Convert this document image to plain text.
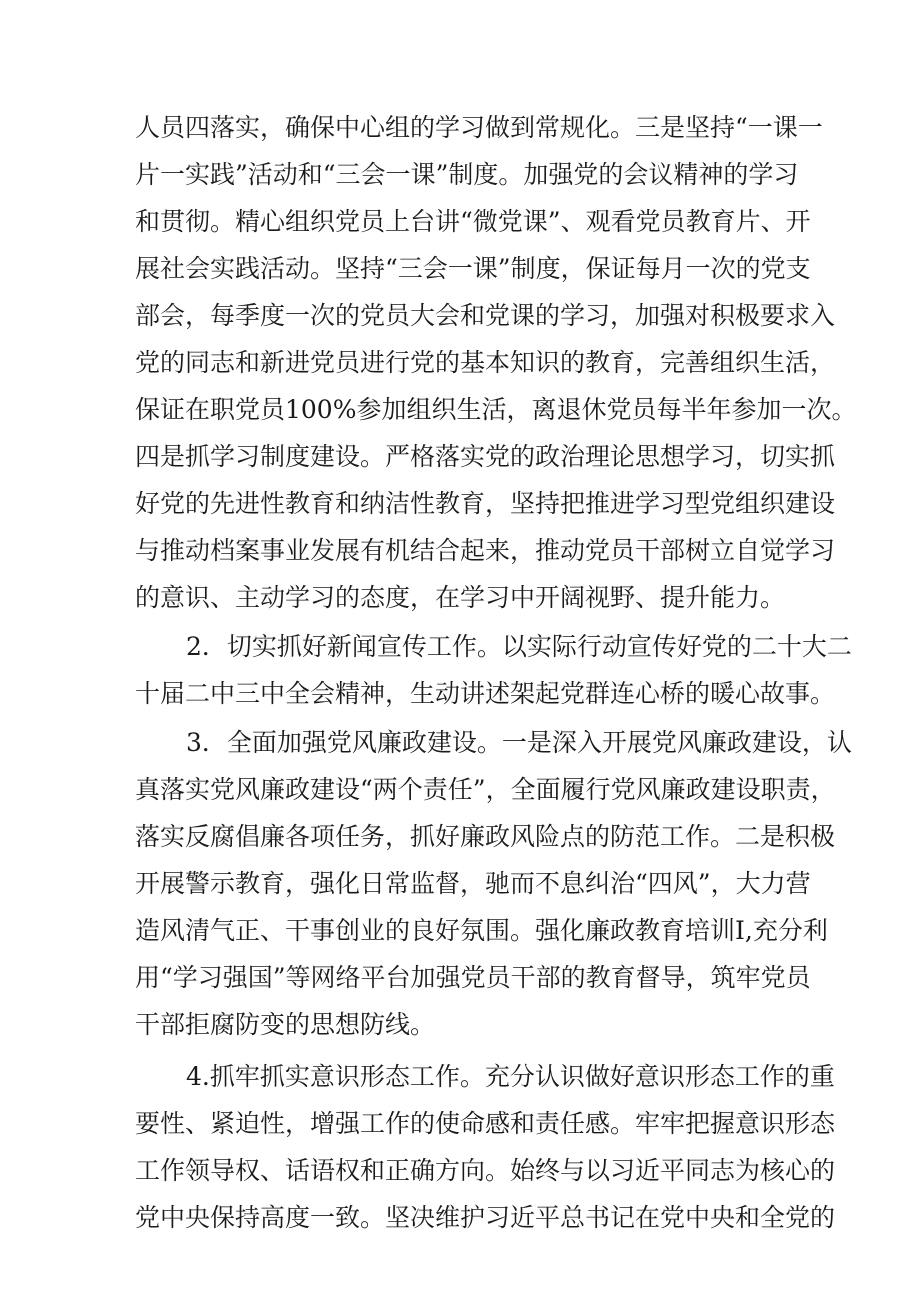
人员四落实，确保中心组的学习做到常规化。三是坚持“一课一
片一实践”活动和“三会一课”制度。加强党的会议精神的学习
和贯彻。精心组织党员上台讲“微党课”、观看党员教育片、开
展社会实践活动。坚持“三会一课”制度，保证每月一次的党支
部会，每季度一次的党员大会和党课的学习，加强对积极要求入
党的同志和新进党员进行党的基本知识的教育，完善组织生活，
保证在职党员100%参加组织生活，离退休党员每半年参加一次。
四是抓学习制度建设。严格落实党的政治理论思想学习，切实抓
好党的先进性教育和纳洁性教育，坚持把推进学习型党组织建设
与推动档案事业发展有机结合起来，推动党员干部树立自觉学习
的意识、主动学习的态度，在学习中开阔视野、提升能力。
2．切实抓好新闻宣传工作。以实际行动宣传好党的二十大二
十届二中三中全会精神，生动讲述架起党群连心桥的暖心故事。
3．全面加强党风廉政建设。一是深入开展党风廉政建设，认
真落实党风廉政建设“两个责任”，全面履行党风廉政建设职责，
落实反腐倡廉各项任务，抓好廉政风险点的防范工作。二是积极
开展警示教育，强化日常监督，驰而不息纠治“四风”，大力营
造风清气正、干事创业的良好氛围。强化廉政教育培训I,充分利
用“学习强国”等网络平台加强党员干部的教育督导，筑牢党员
干部拒腐防变的思想防线。
4.抓牢抓实意识形态工作。充分认识做好意识形态工作的重
要性、紧迫性，增强工作的使命感和责任感。牢牢把握意识形态
工作领导权、话语权和正确方向。始终与以习近平同志为核心的
党中央保持高度一致。坚决维护习近平总书记在党中央和全党的
